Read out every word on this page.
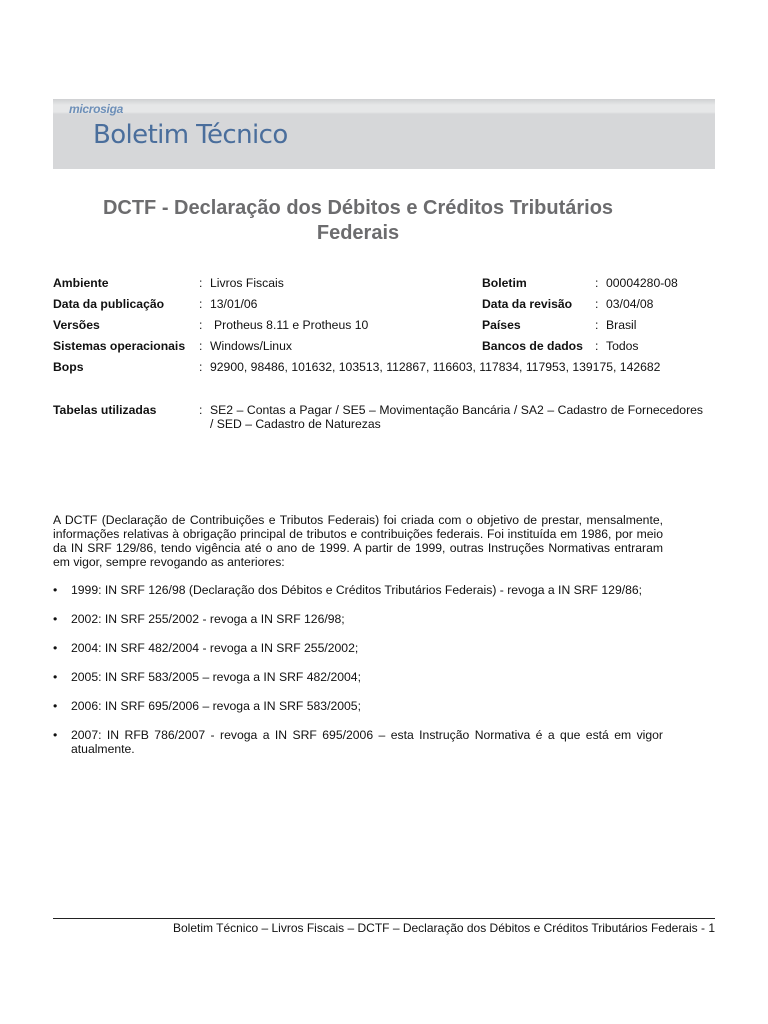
microsiga
Boletim Técnico
DCTF - Declaração dos Débitos e Créditos Tributários Federais
Ambiente	:	Livros Fiscais	Boletim	:	00004280-08
Data da publicação	:	13/01/06	Data da revisão	:	03/04/08
Versões	:	Protheus 8.11 e Protheus 10	Países	:	Brasil
Sistemas operacionais	:	Windows/Linux	Bancos de dados	:	Todos
Bops	:	92900, 98486, 101632, 103513, 112867, 116603, 117834, 117953, 139175, 142682			

Tabelas utilizadas	:	SE2 – Contas a Pagar / SE5 – Movimentação Bancária / SA2 – Cadastro de Fornecedores / SED – Cadastro de Naturezas			
A DCTF (Declaração de Contribuições e Tributos Federais) foi criada com o objetivo de prestar, mensalmente, informações relativas à obrigação principal de tributos e contribuições federais. Foi instituída em 1986, por meio da IN SRF 129/86, tendo vigência até o ano de 1999. A partir de 1999, outras Instruções Normativas entraram em vigor, sempre revogando as anteriores:
• 1999: IN SRF 126/98 (Declaração dos Débitos e Créditos Tributários Federais) - revoga a IN SRF 129/86;
• 2002: IN SRF 255/2002 - revoga a IN SRF 126/98;
• 2004: IN SRF 482/2004 - revoga a IN SRF 255/2002;
• 2005: IN SRF 583/2005 – revoga a IN SRF 482/2004;
• 2006: IN SRF 695/2006 – revoga a IN SRF 583/2005;
• 2007: IN RFB 786/2007 - revoga a IN SRF 695/2006 – esta Instrução Normativa é a que está em vigor atualmente.
Boletim Técnico – Livros Fiscais – DCTF – Declaração dos Débitos e Créditos Tributários Federais - 1
